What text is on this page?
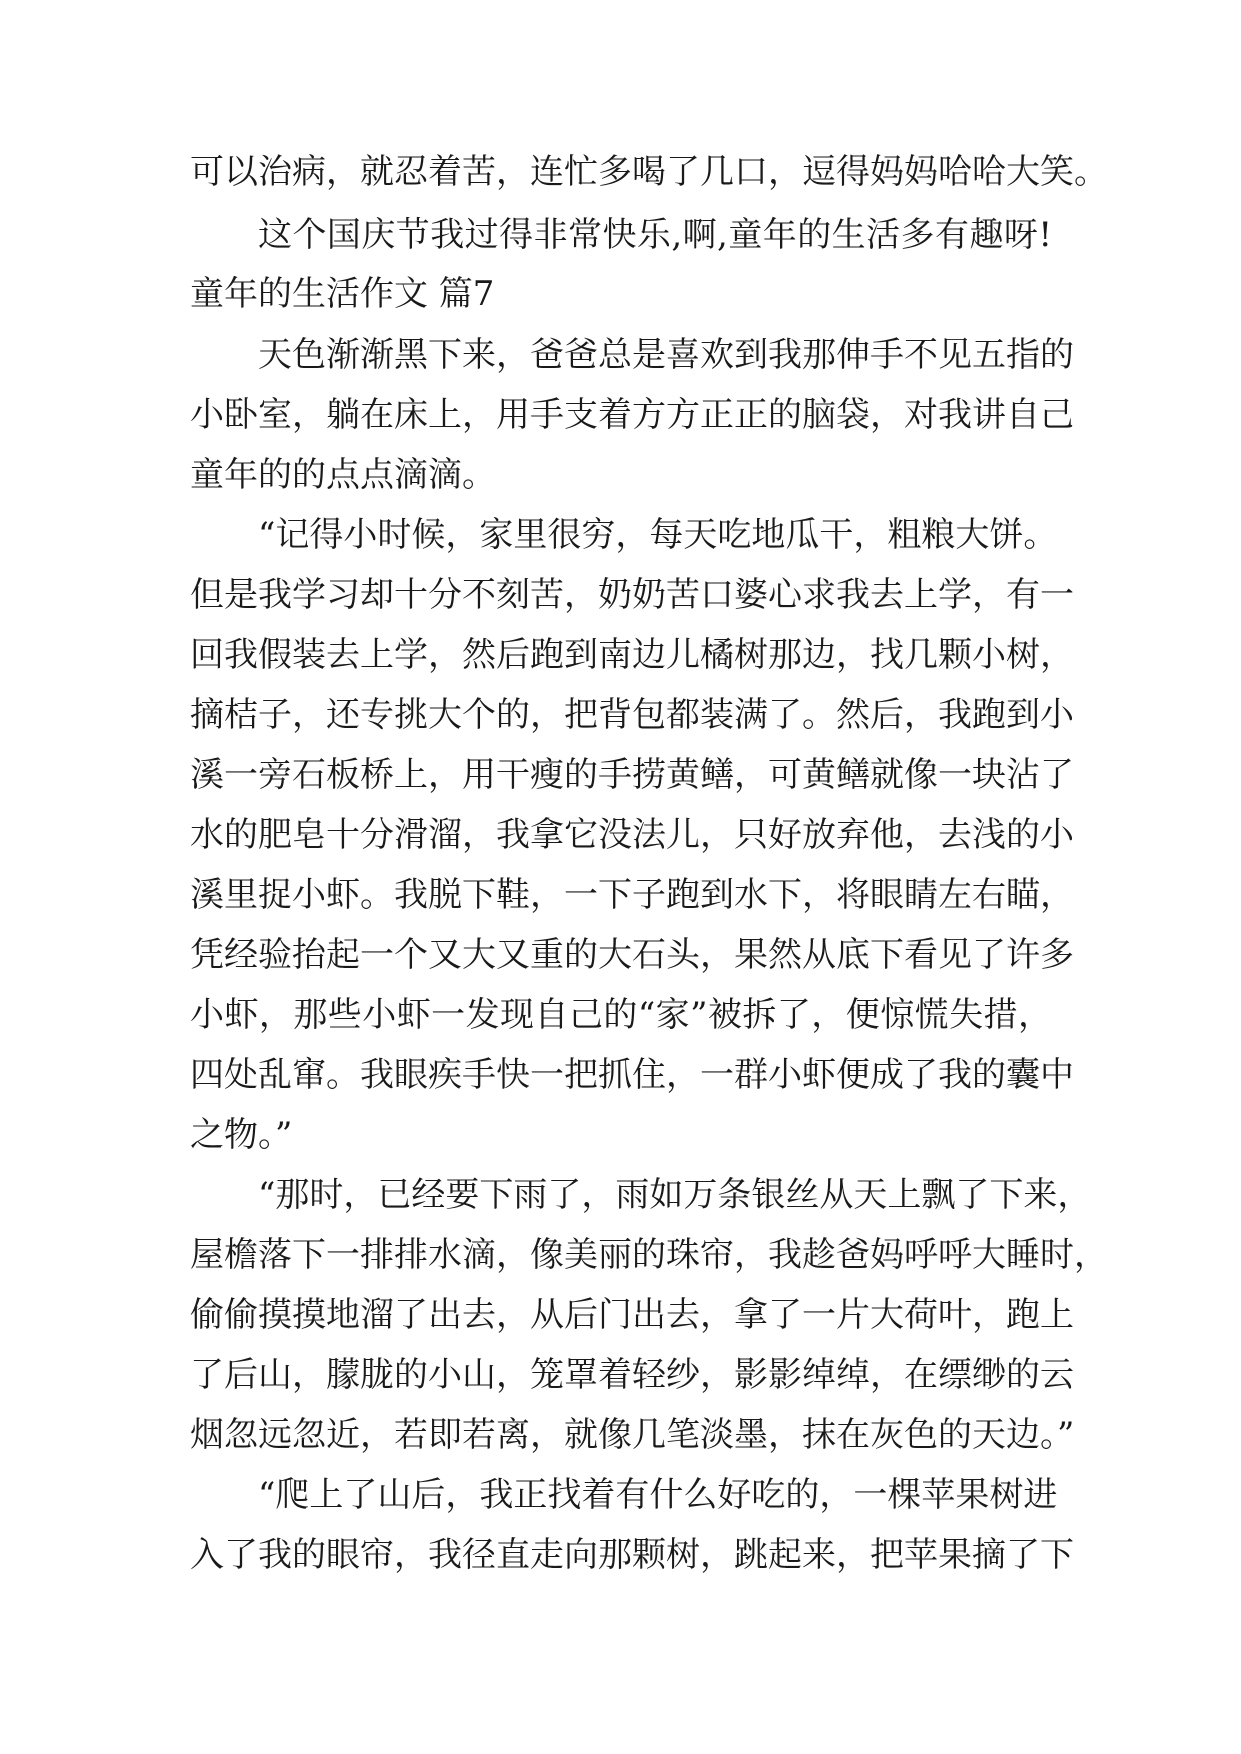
可以治病，就忍着苦，连忙多喝了几口，逗得妈妈哈哈大笑。
这个国庆节我过得非常快乐,啊,童年的生活多有趣呀!
童年的生活作文 篇7
天色渐渐黑下来，爸爸总是喜欢到我那伸手不见五指的
小卧室，躺在床上，用手支着方方正正的脑袋，对我讲自己
童年的的点点滴滴。
“记得小时候，家里很穷，每天吃地瓜干，粗粮大饼。
但是我学习却十分不刻苦，奶奶苦口婆心求我去上学，有一
回我假装去上学，然后跑到南边儿橘树那边，找几颗小树，
摘桔子，还专挑大个的，把背包都装满了。然后，我跑到小
溪一旁石板桥上，用干瘦的手捞黄鳝，可黄鳝就像一块沾了
水的肥皂十分滑溜，我拿它没法儿，只好放弃他，去浅的小
溪里捉小虾。我脱下鞋，一下子跑到水下，将眼睛左右瞄，
凭经验抬起一个又大又重的大石头，果然从底下看见了许多
小虾，那些小虾一发现自己的“家”被拆了，便惊慌失措，
四处乱窜。我眼疾手快一把抓住，一群小虾便成了我的囊中
之物。”
“那时，已经要下雨了，雨如万条银丝从天上飘了下来，
屋檐落下一排排水滴，像美丽的珠帘，我趁爸妈呼呼大睡时，
偷偷摸摸地溜了出去，从后门出去，拿了一片大荷叶，跑上
了后山，朦胧的小山，笼罩着轻纱，影影绰绰，在缥缈的云
烟忽远忽近，若即若离，就像几笔淡墨，抹在灰色的天边。”
“爬上了山后，我正找着有什么好吃的，一棵苹果树进
入了我的眼帘，我径直走向那颗树，跳起来，把苹果摘了下
